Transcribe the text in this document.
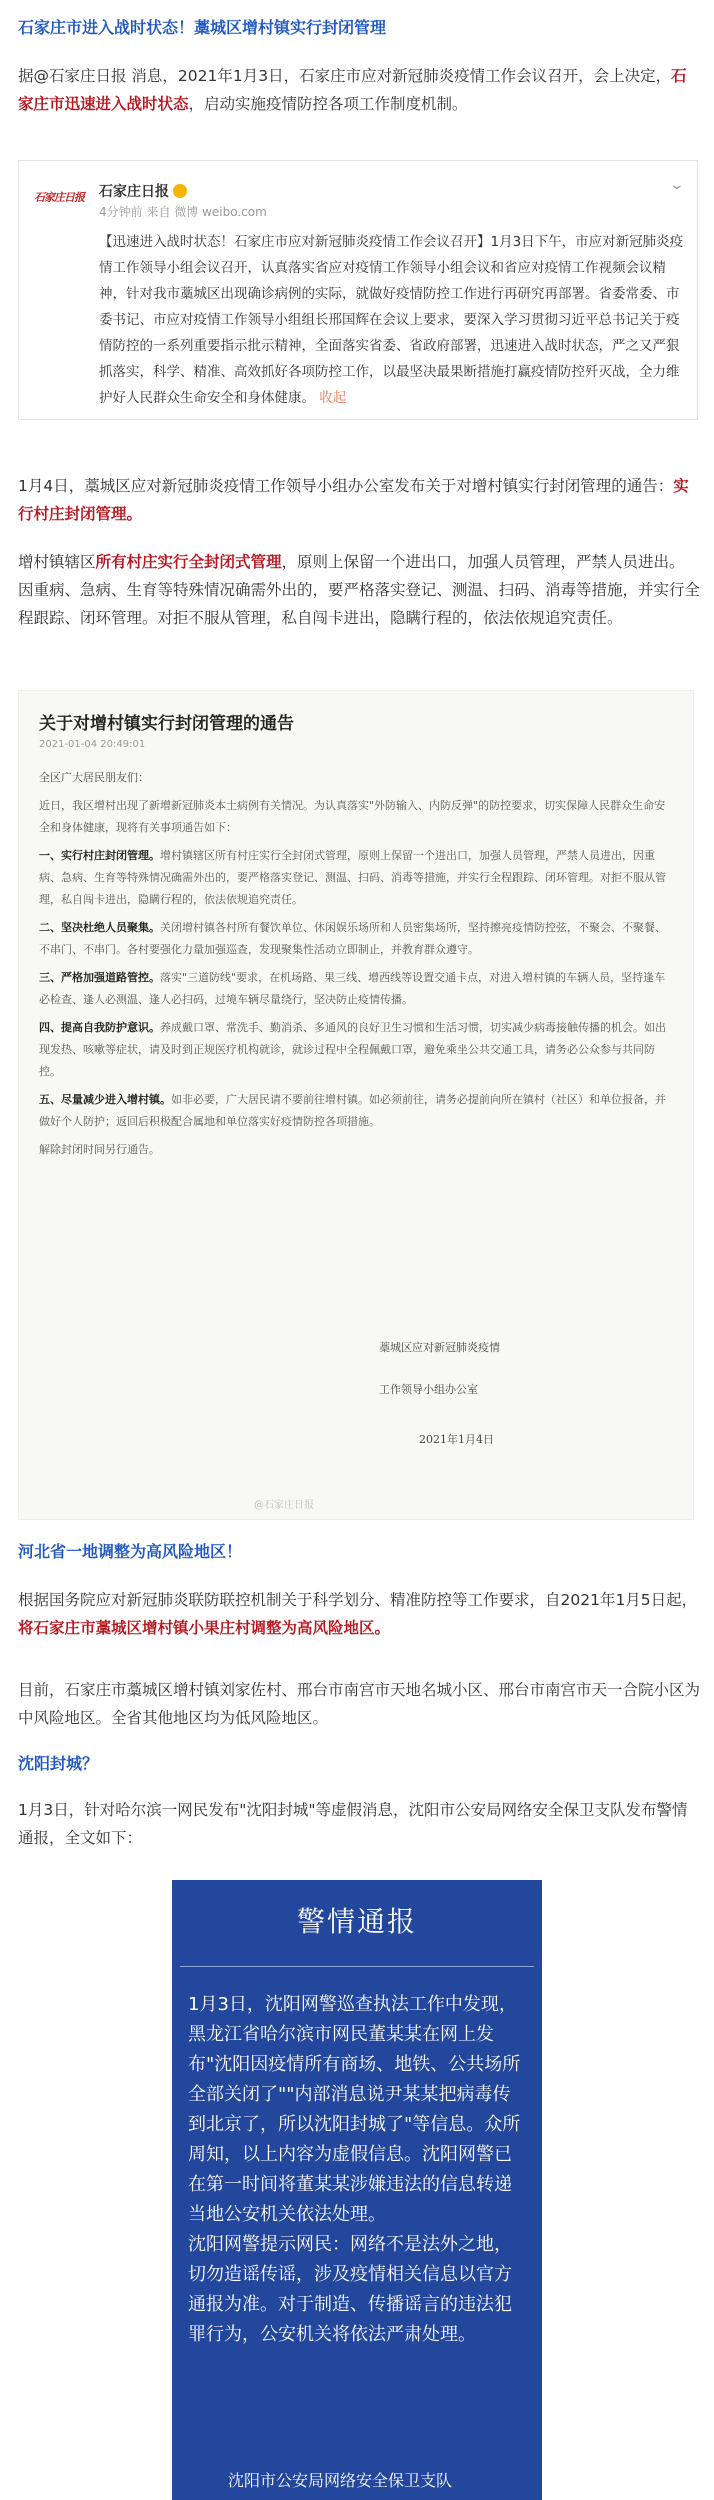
石家庄市进入战时状态！藁城区增村镇实行封闭管理
据@石家庄日报 消息，2021年1月3日，石家庄市应对新冠肺炎疫情工作会议召开，会上决定，石家庄市迅速进入战时状态，启动实施疫情防控各项工作制度机制。
石家庄日报 石家庄日报
4分钟前 来自 微博 weibo.com
⌄
【迅速进入战时状态！石家庄市应对新冠肺炎疫情工作会议召开】1月3日下午，市应对新冠肺炎疫情工作领导小组会议召开，认真落实省应对疫情工作领导小组会议和省应对疫情工作视频会议精神，针对我市藁城区出现确诊病例的实际，就做好疫情防控工作进行再研究再部署。省委常委、市委书记、市应对疫情工作领导小组组长邢国辉在会议上要求，要深入学习贯彻习近平总书记关于疫情防控的一系列重要指示批示精神，全面落实省委、省政府部署，迅速进入战时状态，严之又严狠抓落实，科学、精准、高效抓好各项防控工作，以最坚决最果断措施打赢疫情防控歼灭战，全力维护好人民群众生命安全和身体健康。 收起
1月4日，藁城区应对新冠肺炎疫情工作领导小组办公室发布关于对增村镇实行封闭管理的通告：实行村庄封闭管理。
增村镇辖区所有村庄实行全封闭式管理，原则上保留一个进出口，加强人员管理，严禁人员进出。因重病、急病、生育等特殊情况确需外出的，要严格落实登记、测温、扫码、消毒等措施，并实行全程跟踪、闭环管理。对拒不服从管理，私自闯卡进出，隐瞒行程的，依法依规追究责任。
关于对增村镇实行封闭管理的通告
2021-01-04 20:49:01
全区广大居民朋友们：
近日，我区增村出现了新增新冠肺炎本土病例有关情况。为认真落实"外防输入、内防反弹"的防控要求，切实保障人民群众生命安全和身体健康，现将有关事项通告如下：
一、实行村庄封闭管理。增村镇辖区所有村庄实行全封闭式管理，原则上保留一个进出口，加强人员管理，严禁人员进出，因重病、急病、生育等特殊情况确需外出的，要严格落实登记、测温、扫码、消毒等措施，并实行全程跟踪、闭环管理。对拒不服从管理，私自闯卡进出，隐瞒行程的，依法依规追究责任。
二、坚决杜绝人员聚集。关闭增村镇各村所有餐饮单位、休闲娱乐场所和人员密集场所，坚持擦亮疫情防控弦，不聚会、不聚餐、不串门、不串门。各村要强化力量加强巡查，发现聚集性活动立即制止，并教育群众遵守。
三、严格加强道路管控。落实"三道防线"要求，在机场路、果三线、增西线等设置交通卡点，对进入增村镇的车辆人员，坚持逢车必检查、逢人必测温、逢人必扫码，过境车辆尽量绕行，坚决防止疫情传播。
四、提高自我防护意识。养成戴口罩、常洗手、勤消杀、多通风的良好卫生习惯和生活习惯，切实减少病毒接触传播的机会。如出现发热、咳嗽等症状，请及时到正规医疗机构就诊，就诊过程中全程佩戴口罩，避免乘坐公共交通工具，请务必公众参与共同防控。
五、尽量减少进入增村镇。如非必要，广大居民请不要前往增村镇。如必须前往，请务必提前向所在镇村（社区）和单位报备，并做好个人防护；返回后积极配合属地和单位落实好疫情防控各项措施。
解除封闭时间另行通告。
藁城区应对新冠肺炎疫情
工作领导小组办公室
2021年1月4日
@石家庄日报
河北省一地调整为高风险地区！
根据国务院应对新冠肺炎联防联控机制关于科学划分、精准防控等工作要求，自2021年1月5日起，将石家庄市藁城区增村镇小果庄村调整为高风险地区。
目前，石家庄市藁城区增村镇刘家佐村、邢台市南宫市天地名城小区、邢台市南宫市天一合院小区为中风险地区。全省其他地区均为低风险地区。
沈阳封城？
1月3日，针对哈尔滨一网民发布"沈阳封城"等虚假消息，沈阳市公安局网络安全保卫支队发布警情通报，全文如下：
警情通报
1月3日，沈阳网警巡查执法工作中发现，黑龙江省哈尔滨市网民董某某在网上发布"沈阳因疫情所有商场、地铁、公共场所全部关闭了""内部消息说尹某某把病毒传到北京了，所以沈阳封城了"等信息。众所周知，以上内容为虚假信息。沈阳网警已在第一时间将董某某涉嫌违法的信息转递当地公安机关依法处理。
沈阳网警提示网民：网络不是法外之地，切勿造谣传谣，涉及疫情相关信息以官方通报为准。对于制造、传播谣言的违法犯罪行为，公安机关将依法严肃处理。
沈阳市公安局网络安全保卫支队
